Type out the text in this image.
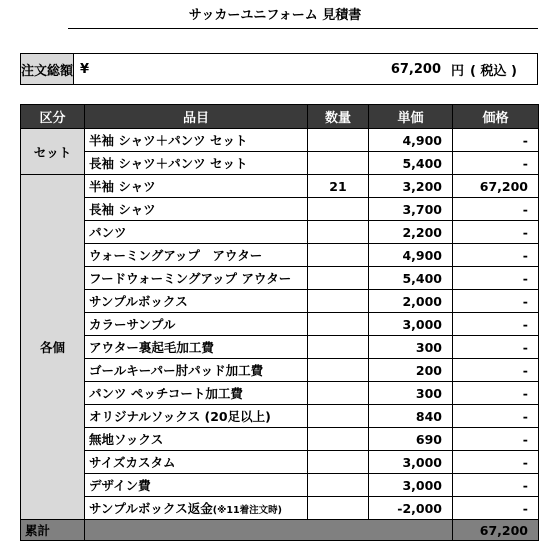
サッカーユニフォーム 見積書
注文総額	¥	67,200	円 ( 税込 )
区分	品目	数量	単価	価格
セット	半袖 シャツ＋パンツ セット		4,900	-
	長袖 シャツ＋パンツ セット		5,400	-
各個	半袖 シャツ	21	3,200	67,200
	長袖 シャツ		3,700	-
	パンツ		2,200	-
	ウォーミングアップ　アウター		4,900	-
	フードウォーミングアップ アウター		5,400	-
	サンプルボックス		2,000	-
	カラーサンプル		3,000	-
	アウター裏起毛加工費		300	-
	ゴールキーパー肘パッド加工費		200	-
	パンツ ペッチコート加工費		300	-
	オリジナルソックス (20足以上)		840	-
	無地ソックス		690	-
	サイズカスタム		3,000	-
	デザイン費		3,000	-
	サンプルボックス返金(※11着注文時)		-2,000	-
累計				67,200
